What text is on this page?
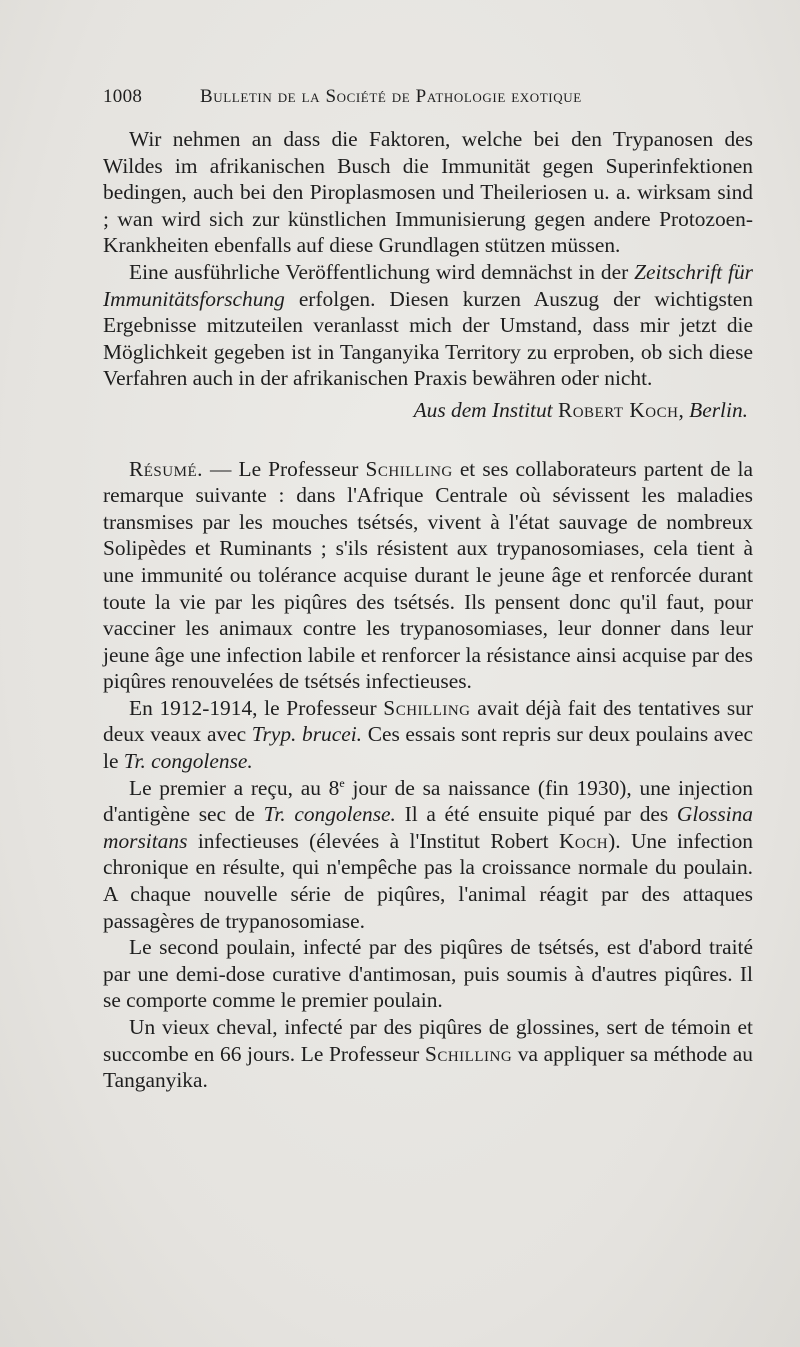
1008	Bulletin de la Société de Pathologie exotique

Wir nehmen an dass die Faktoren, welche bei den Trypanosen des Wildes im afrikanischen Busch die Immunität gegen Superinfektionen bedingen, auch bei den Piroplasmosen und Theileriosen u. a. wirksam sind ; wan wird sich zur künstlichen Immunisierung gegen andere Protozoen-Krankheiten ebenfalls auf diese Grundlagen stützen müssen.

Eine ausführliche Veröffentlichung wird demnächst in der Zeitschrift für Immunitätsforschung erfolgen. Diesen kurzen Auszug der wichtigsten Ergebnisse mitzuteilen veranlasst mich der Umstand, dass mir jetzt die Möglichkeit gegeben ist in Tanganyika Territory zu erproben, ob sich diese Verfahren auch in der afrikanischen Praxis bewähren oder nicht.

Aus dem Institut Robert Koch, Berlin.

Résumé. — Le Professeur Schilling et ses collaborateurs partent de la remarque suivante : dans l'Afrique Centrale où sévissent les maladies transmises par les mouches tsétsés, vivent à l'état sauvage de nombreux Solipèdes et Ruminants ; s'ils résistent aux trypanosomiases, cela tient à une immunité ou tolérance acquise durant le jeune âge et renforcée durant toute la vie par les piqûres des tsétsés. Ils pensent donc qu'il faut, pour vacciner les animaux contre les trypanosomiases, leur donner dans leur jeune âge une infection labile et renforcer la résistance ainsi acquise par des piqûres renouvelées de tsétsés infectieuses.

En 1912-1914, le Professeur Schilling avait déjà fait des tentatives sur deux veaux avec Tryp. brucei. Ces essais sont repris sur deux poulains avec le Tr. congolense.

Le premier a reçu, au 8e jour de sa naissance (fin 1930), une injection d'antigène sec de Tr. congolense. Il a été ensuite piqué par des Glossina morsitans infectieuses (élevées à l'Institut Robert Koch). Une infection chronique en résulte, qui n'empêche pas la croissance normale du poulain. A chaque nouvelle série de piqûres, l'animal réagit par des attaques passagères de trypanosomiase.

Le second poulain, infecté par des piqûres de tsétsés, est d'abord traité par une demi-dose curative d'antimosan, puis soumis à d'autres piqûres. Il se comporte comme le premier poulain.

Un vieux cheval, infecté par des piqûres de glossines, sert de témoin et succombe en 66 jours. Le Professeur Schilling va appliquer sa méthode au Tanganyika.
